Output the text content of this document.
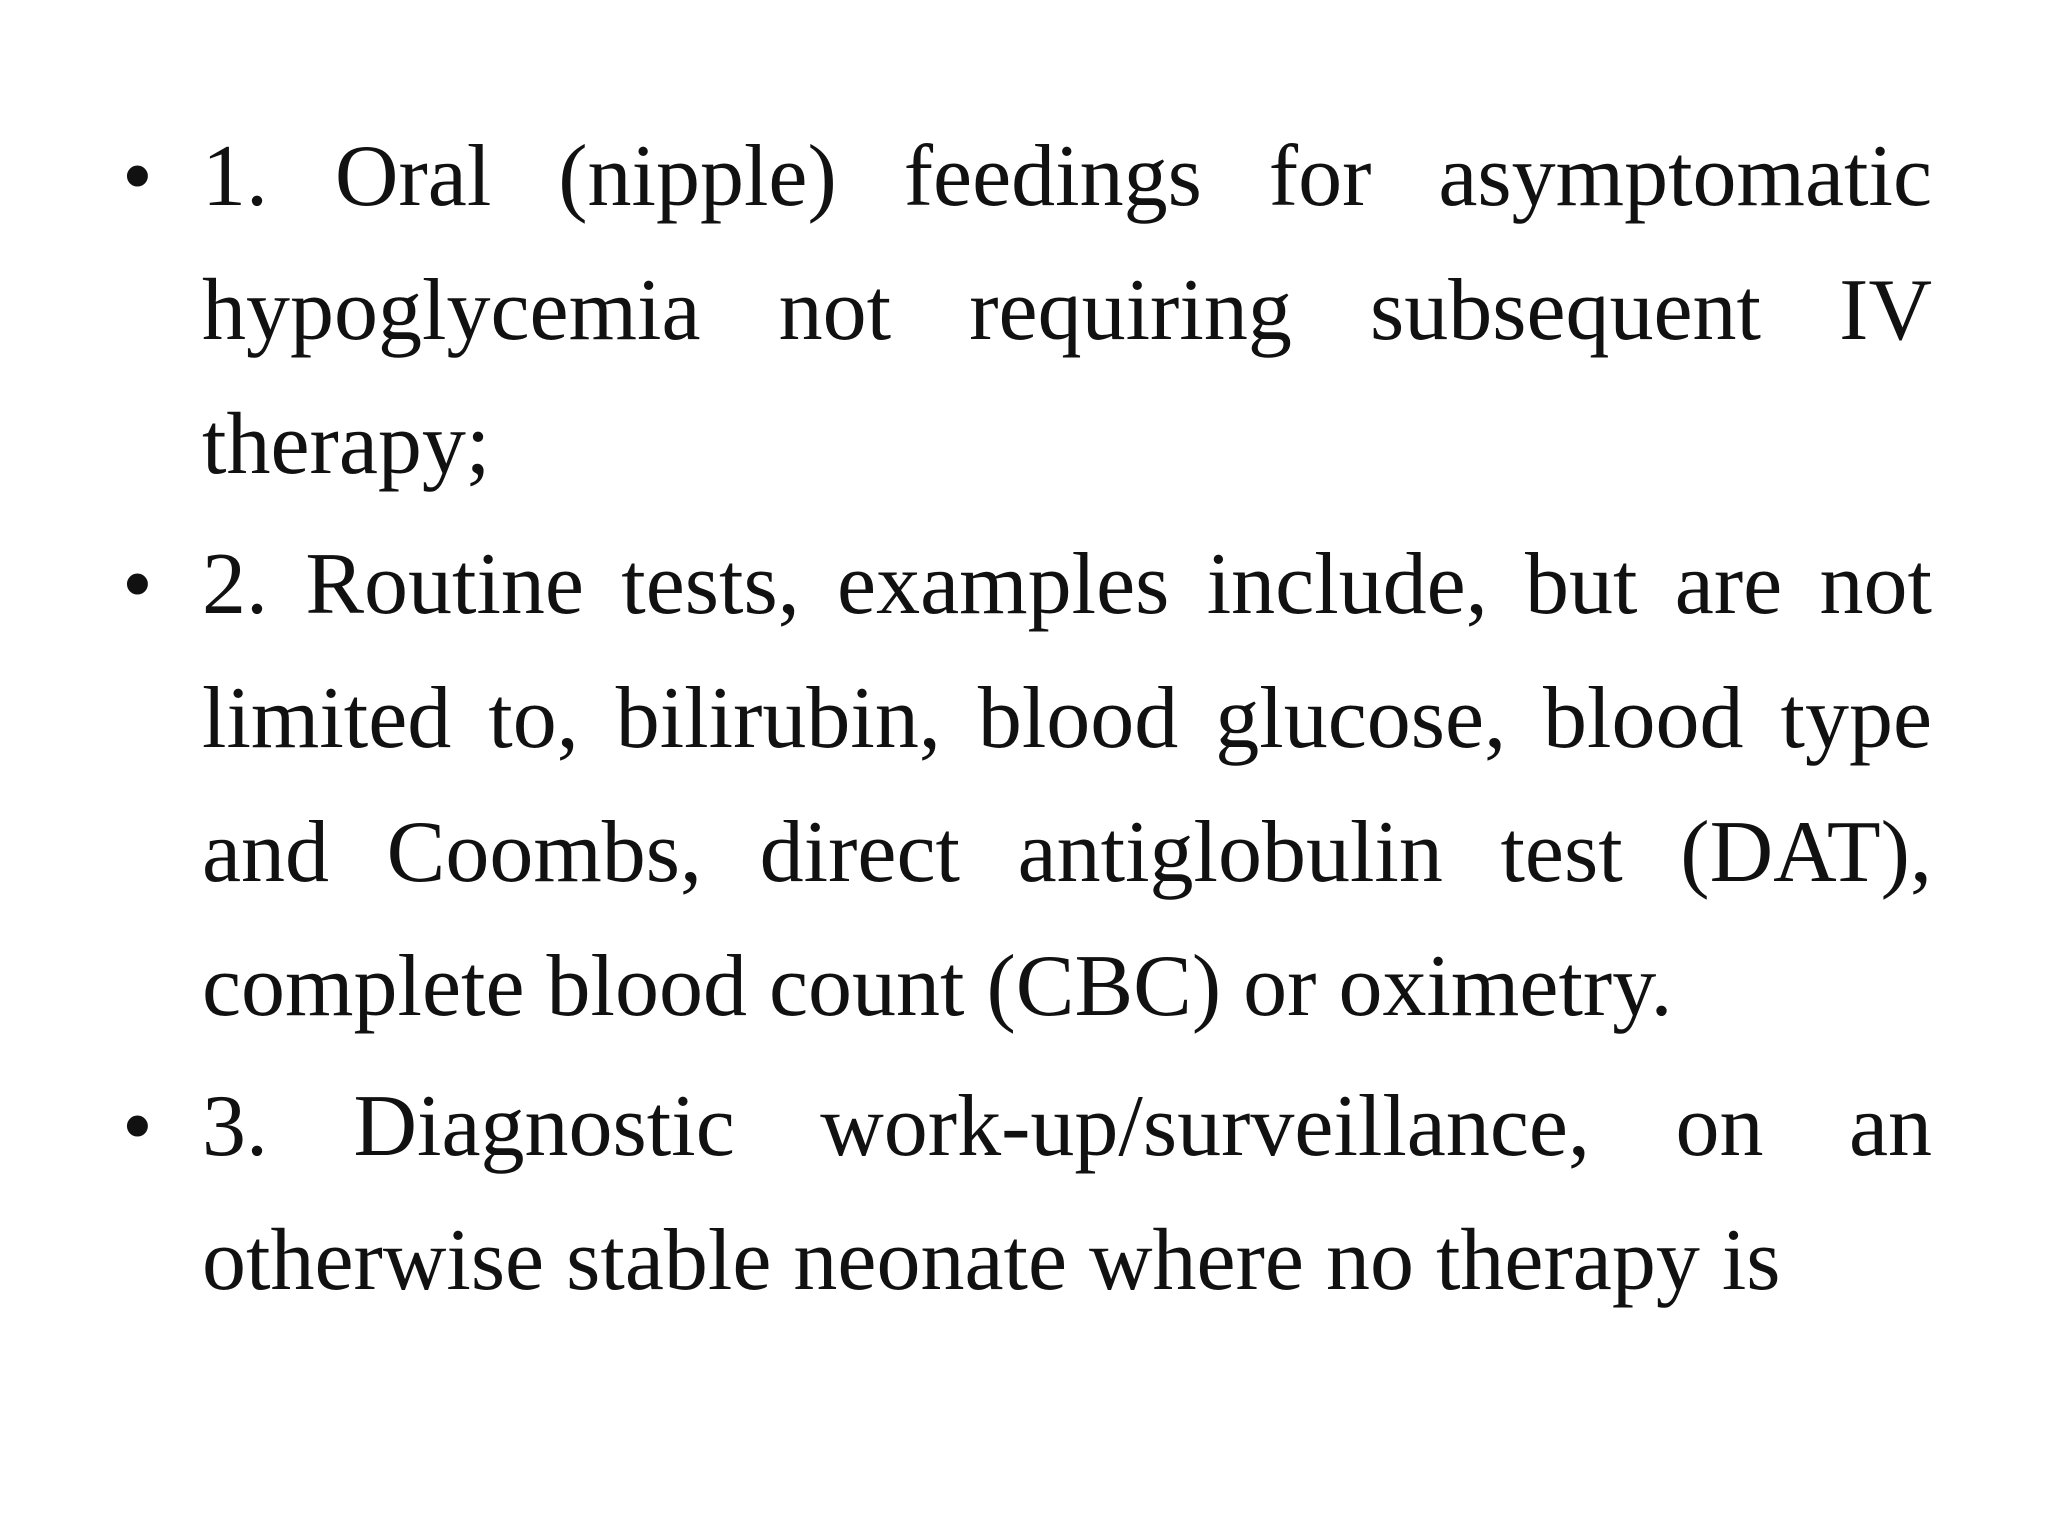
• 1. Oral (nipple) feedings for asymptomatic hypoglycemia not requiring subsequent IV therapy;
• 2. Routine tests, examples include, but are not limited to, bilirubin, blood glucose, blood type and Coombs, direct antiglobulin test (DAT), complete blood count (CBC) or oximetry.
• 3. Diagnostic work-up/surveillance, on an otherwise stable neonate where no therapy is
